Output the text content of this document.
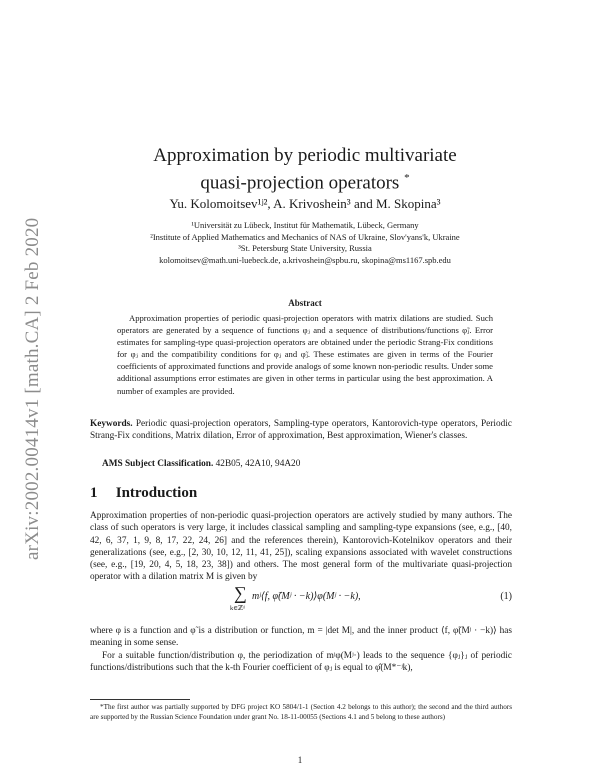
arXiv:2002.00414v1 [math.CA] 2 Feb 2020
Approximation by periodic multivariate
quasi-projection operators *
Yu. Kolomoitsev¹ʲ², A. Krivoshein³ and M. Skopina³
¹Universität zu Lübeck, Institut für Mathematik, Lübeck, Germany
²Institute of Applied Mathematics and Mechanics of NAS of Ukraine, Slov'yans'k, Ukraine
³St. Petersburg State University, Russia
kolomoitsev@math.uni-luebeck.de, a.krivoshein@spbu.ru, skopina@ms1167.spb.edu
Abstract

Approximation properties of periodic quasi-projection operators with matrix dilations are studied. Such operators are generated by a sequence of functions φⱼ and a sequence of distributions/functions φ̃ⱼ. Error estimates for sampling-type quasi-projection operators are obtained under the periodic Strang-Fix conditions for φⱼ and the compatibility conditions for φⱼ and φ̃ⱼ. These estimates are given in terms of the Fourier coefficients of approximated functions and provide analogs of some known non-periodic results. Under some additional assumptions error estimates are given in other terms in particular using the best approximation. A number of examples are provided.

Keywords. Periodic quasi-projection operators, Sampling-type operators, Kantorovich-type operators, Periodic Strang-Fix conditions, Matrix dilation, Error of approximation, Best approximation, Wiener's classes.

AMS Subject Classification. 42B05, 42A10, 94A20

1 Introduction

Approximation properties of non-periodic quasi-projection operators are actively studied by many authors. The class of such operators is very large, it includes classical sampling and sampling-type expansions (see, e.g., [40, 42, 6, 37, 1, 9, 8, 17, 22, 24, 26] and the references therein), Kantorovich-Kotelnikov operators and their generalizations (see, e.g., [2, 30, 10, 12, 11, 41, 25]), scaling expansions associated with wavelet constructions (see, e.g., [19, 20, 4, 5, 18, 23, 38]) and others. The most general form of the multivariate quasi-projection operator with a dilation matrix M is given by

∑
k∈ℤᵈ
mʲ⟨f, φ̃(Mʲ · −k)⟩φ(Mʲ · −k),	(1)

where φ is a function and φ̃ is a distribution or function, m = |det M|, and the inner product ⟨f, φ̃(Mʲ · −k)⟩ has meaning in some sense.

For a suitable function/distribution φ, the periodization of mʲφ(Mʲ·) leads to the sequence {φⱼ}ⱼ of periodic functions/distributions such that the k-th Fourier coefficient of φⱼ is equal to φ̂(M*⁻ʲk),

*The first author was partially supported by DFG project KO 5804/1-1 (Section 4.2 belongs to this author); the second and the third authors are supported by the Russian Science Foundation under grant No. 18-11-00055 (Sections 4.1 and 5 belong to these authors)

1
